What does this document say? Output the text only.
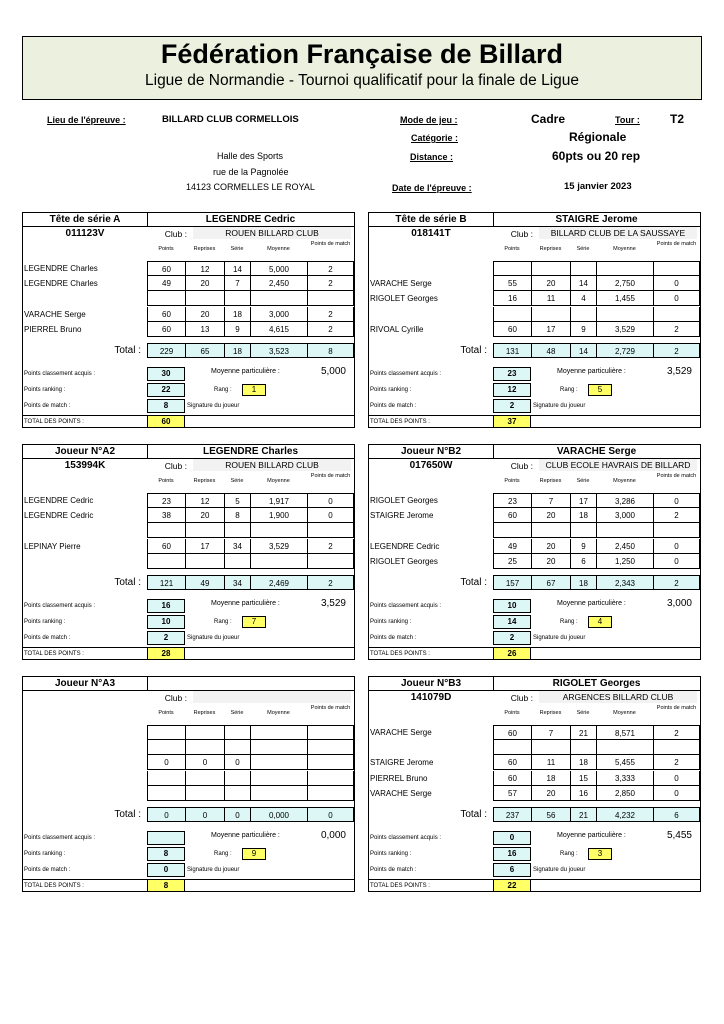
Fédération Française de Billard
Ligue de Normandie - Tournoi qualificatif pour la finale de Ligue
Lieu de l'épreuve :	BILLARD CLUB CORMELLOIS
Halle des Sports
rue de la Pagnolée
14123 CORMELLES LE ROYAL
Mode de jeu :	Cadre	Tour :	T2
Catégorie :	Régionale
Distance :	60pts ou 20 rep
Date de l'épreuve :	15 janvier 2023
Tête de série A
011123V
LEGENDRE Cedric
Club :	ROUEN BILLARD CLUB
Points	Reprises	Série	Moyenne
Points de match
LEGENDRE Charles	60	12	14	5,000	2
LEGENDRE Charles	49	20	7	2,450	2
VARACHE Serge	60	20	18	3,000	2
PIERREL Bruno	60	13	9	4,615	2
Total :	229	65	18	3,523	8
Points classement acquis :	30	Moyenne particulière :	5,000
Points ranking :	22	Rang :	1
Points de match :	8	Signature du joueur
TOTAL DES POINTS :	60
Tête de série B
018141T
STAIGRE Jerome
Club :	BILLARD CLUB DE LA SAUSSAYE
Points	Reprises	Série	Moyenne
Points de match
VARACHE Serge	55	20	14	2,750	0
RIGOLET Georges	16	11	4	1,455	0
RIVOAL Cyrille	60	17	9	3,529	2
Total :	131	48	14	2,729	2
Points classement acquis :	23	Moyenne particulière :	3,529
Points ranking :	12	Rang :	5
Points de match :	2	Signature du joueur
TOTAL DES POINTS :	37
Joueur N°A2
153994K
LEGENDRE Charles
Club :	ROUEN BILLARD CLUB
Points	Reprises	Série	Moyenne
Points de match
LEGENDRE Cedric	23	12	5	1,917	0
LEGENDRE Cedric	38	20	8	1,900	0
LEPINAY Pierre	60	17	34	3,529	2
Total :	121	49	34	2,469	2
Points classement acquis :	16	Moyenne particulière :	3,529
Points ranking :	10	Rang :	7
Points de match :	2	Signature du joueur
TOTAL DES POINTS :	28
Joueur N°B2
017650W
VARACHE Serge
Club :	CLUB ECOLE HAVRAIS DE BILLARD
Points	Reprises	Série	Moyenne
Points de match
RIGOLET Georges	23	7	17	3,286	0
STAIGRE Jerome	60	20	18	3,000	2
LEGENDRE Cedric	49	20	9	2,450	0
RIGOLET Georges	25	20	6	1,250	0
Total :	157	67	18	2,343	2
Points classement acquis :	10	Moyenne particulière :	3,000
Points ranking :	14	Rang :	4
Points de match :	2	Signature du joueur
TOTAL DES POINTS :	26
Joueur N°A3
Club :
Points	Reprises	Série	Moyenne
Points de match
0	0	0
Total :	0	0	0	0,000	0
Points classement acquis :	Moyenne particulière :	0,000
Points ranking :	8	Rang :	9
Points de match :	0	Signature du joueur
TOTAL DES POINTS :	8
Joueur N°B3
141079D
RIGOLET Georges
Club :	ARGENCES BILLARD CLUB
Points	Reprises	Série	Moyenne
Points de match
VARACHE Serge	60	7	21	8,571	2
STAIGRE Jerome	60	11	18	5,455	2
PIERREL Bruno	60	18	15	3,333	0
VARACHE Serge	57	20	16	2,850	0
Total :	237	56	21	4,232	6
Points classement acquis :	0	Moyenne particulière :	5,455
Points ranking :	16	Rang :	3
Points de match :	6	Signature du joueur
TOTAL DES POINTS :	22
